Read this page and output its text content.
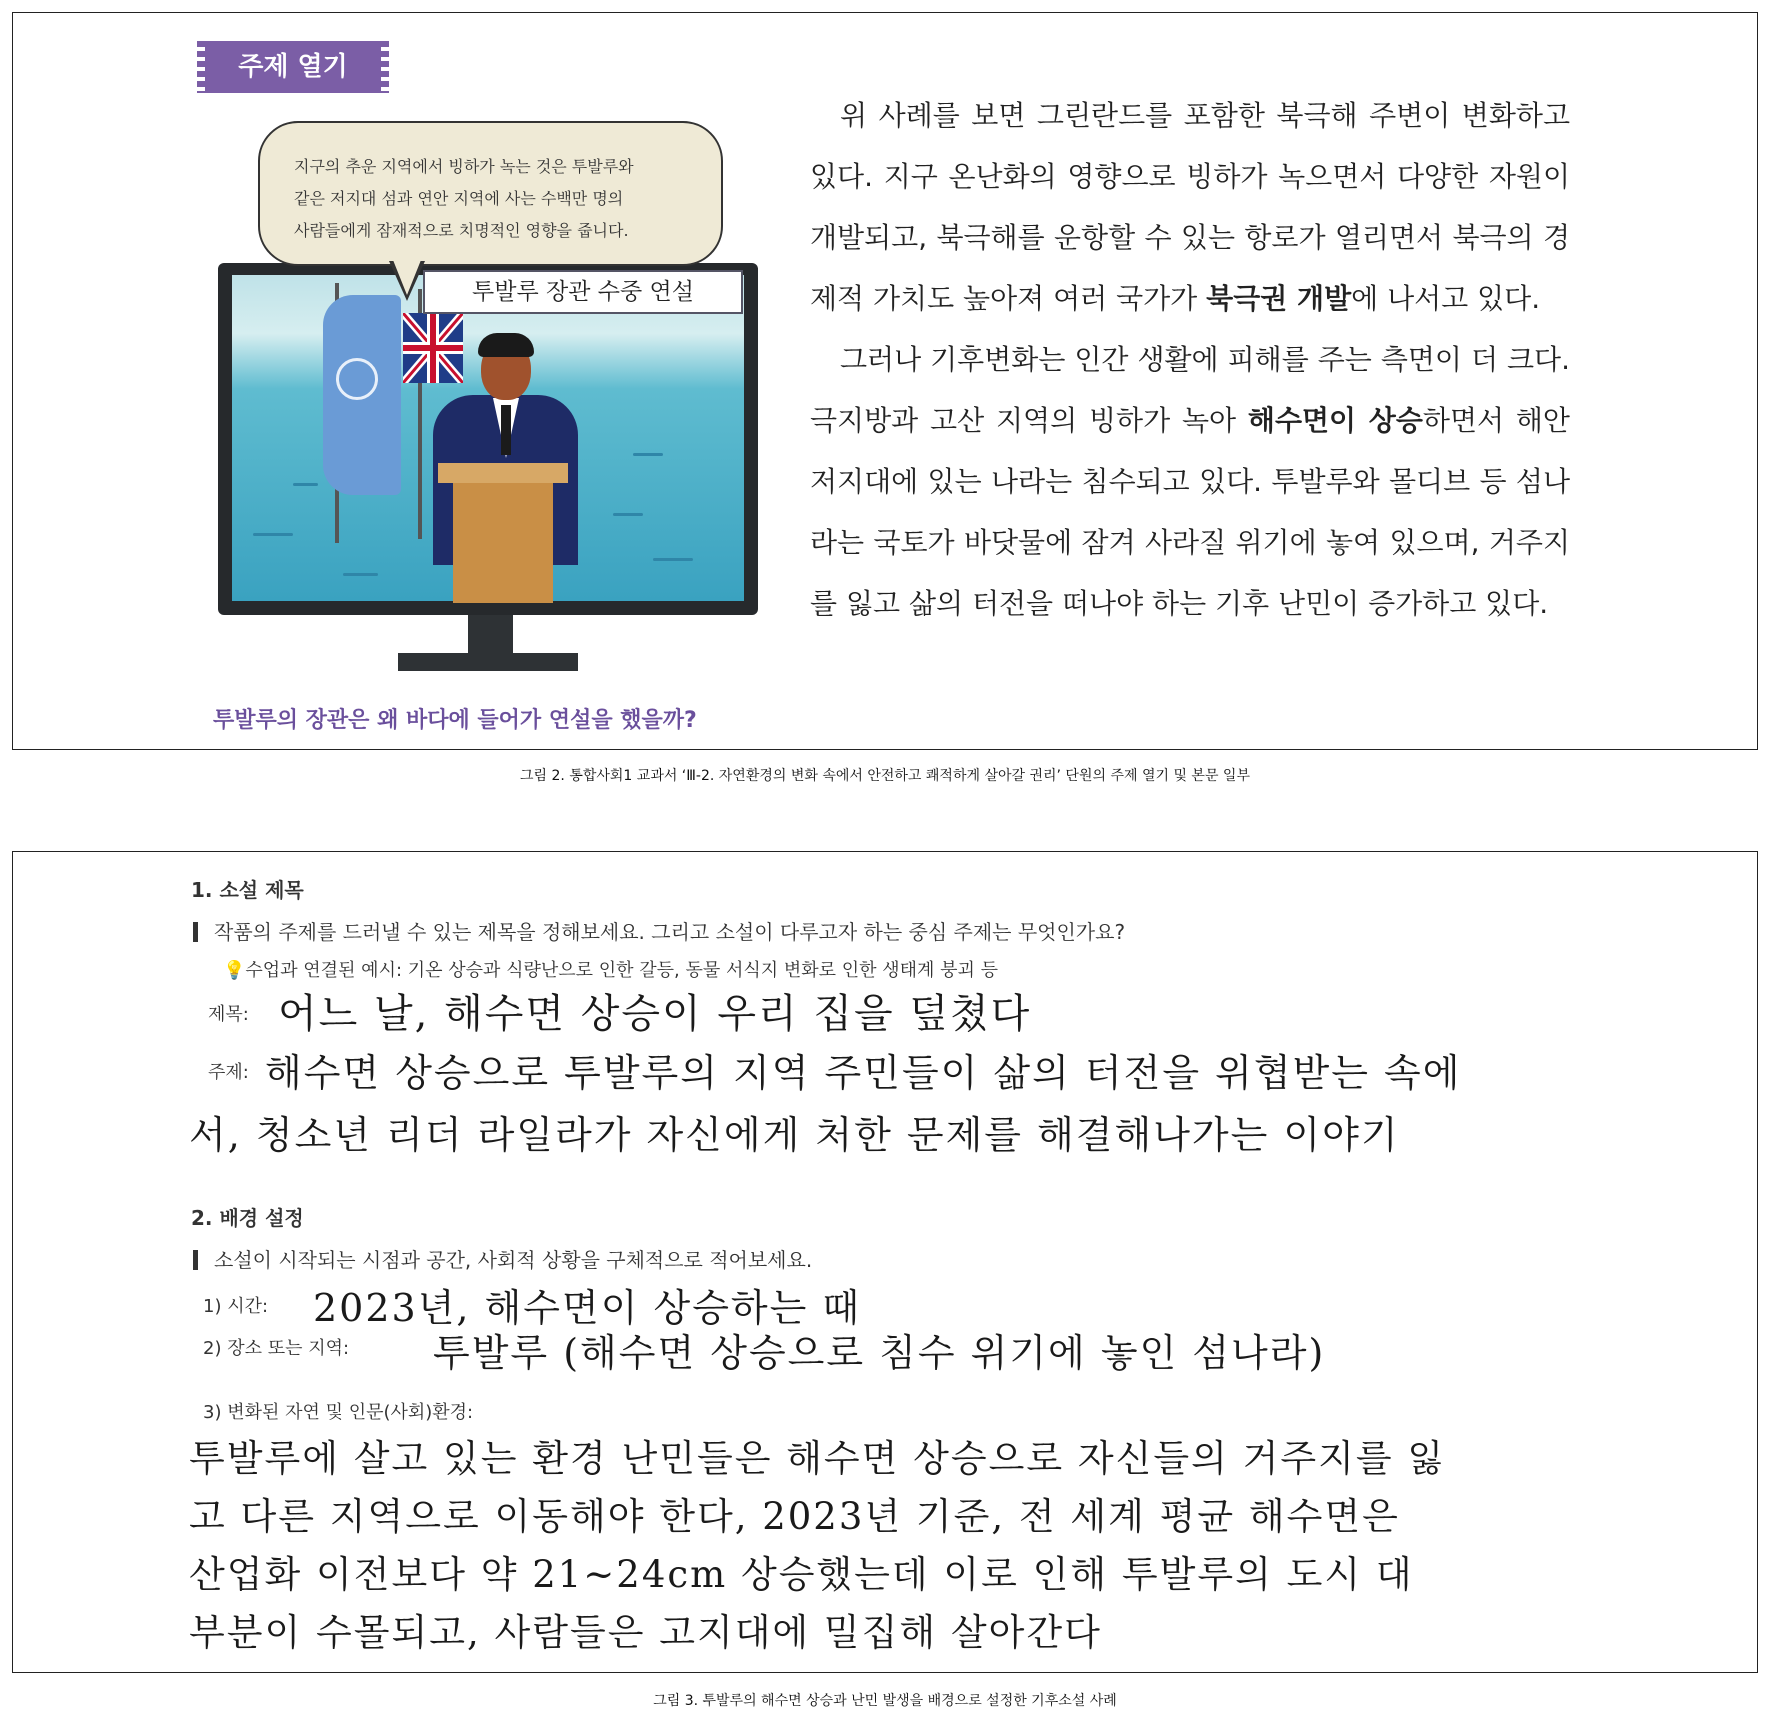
주제 열기
투발루 장관 수중 연설
지구의 추운 지역에서 빙하가 녹는 것은 투발루와
같은 저지대 섬과 연안 지역에 사는 수백만 명의
사람들에게 잠재적으로 치명적인 영향을 줍니다.
투발루의 장관은 왜 바다에 들어가 연설을 했을까?

위 사례를 보면 그린란드를 포함한 북극해 주변이 변화하고 있다. 지구 온난화의 영향으로 빙하가 녹으면서 다양한 자원이 개발되고, 북극해를 운항할 수 있는 항로가 열리면서 북극의 경제적 가치도 높아져 여러 국가가 북극권 개발에 나서고 있다.

그러나 기후변화는 인간 생활에 피해를 주는 측면이 더 크다. 극지방과 고산 지역의 빙하가 녹아 해수면이 상승하면서 해안 저지대에 있는 나라는 침수되고 있다. 투발루와 몰디브 등 섬나라는 국토가 바닷물에 잠겨 사라질 위기에 놓여 있으며, 거주지를 잃고 삶의 터전을 떠나야 하는 기후 난민이 증가하고 있다.

그림 2. 통합사회1 교과서 ‘Ⅲ-2. 자연환경의 변화 속에서 안전하고 쾌적하게 살아갈 권리’ 단원의 주제 열기 및 본문 일부
1. 소설 제목
작품의 주제를 드러낼 수 있는 제목을 정해보세요. 그리고 소설이 다루고자 하는 중심 주제는 무엇인가요?
💡수업과 연결된 예시: 기온 상승과 식량난으로 인한 갈등, 동물 서식지 변화로 인한 생태계 붕괴 등
제목: 어느 날, 해수면 상승이 우리 집을 덮쳤다
주제: 해수면 상승으로 투발루의 지역 주민들이 삶의 터전을 위협받는 속에
서, 청소년 리더 라일라가 자신에게 처한 문제를 해결해나가는 이야기
2. 배경 설정
소설이 시작되는 시점과 공간, 사회적 상황을 구체적으로 적어보세요.
1) 시간: 2023년, 해수면이 상승하는 때
2) 장소 또는 지역: 투발루 (해수면 상승으로 침수 위기에 놓인 섬나라)
3) 변화된 자연 및 인문(사회)환경:
투발루에 살고 있는 환경 난민들은 해수면 상승으로 자신들의 거주지를 잃
고 다른 지역으로 이동해야 한다, 2023년 기준, 전 세계 평균 해수면은
산업화 이전보다 약 21~24cm 상승했는데 이로 인해 투발루의 도시 대
부분이 수몰되고, 사람들은 고지대에 밀집해 살아간다
그림 3. 투발루의 해수면 상승과 난민 발생을 배경으로 설정한 기후소설 사례
